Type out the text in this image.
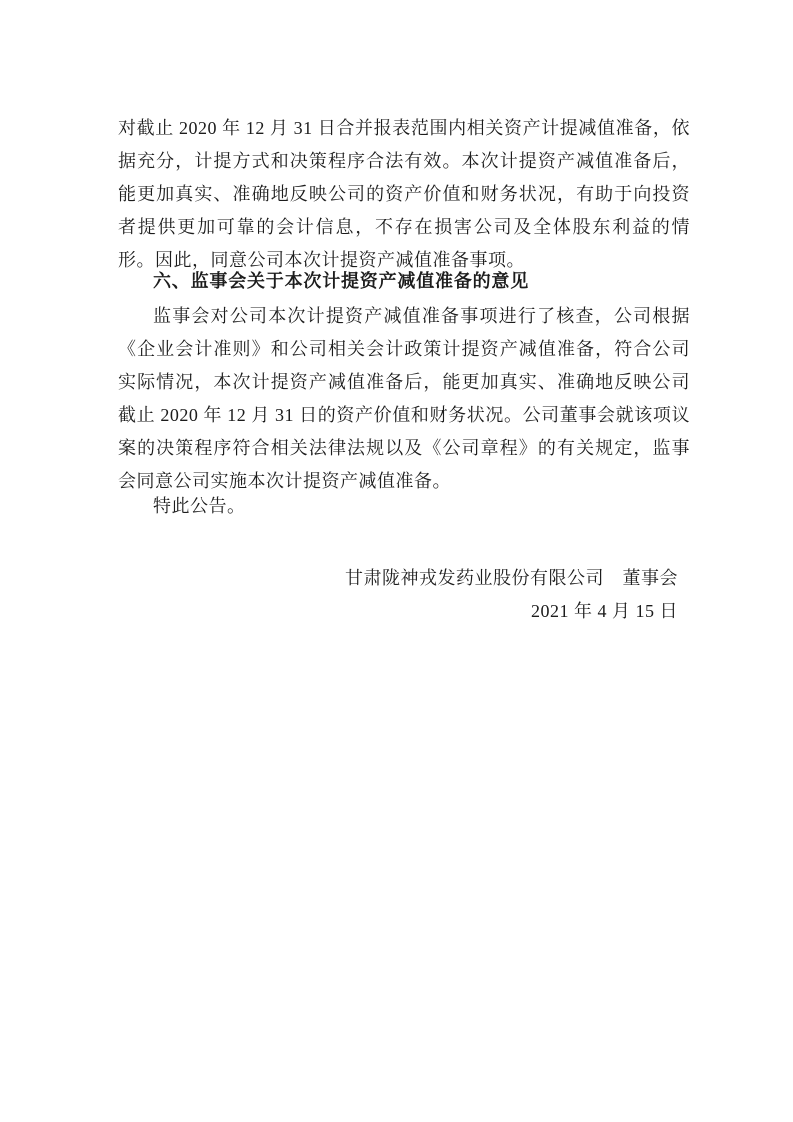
对截止 2020 年 12 月 31 日合并报表范围内相关资产计提减值准备，依据充分，计提方式和决策程序合法有效。本次计提资产减值准备后，能更加真实、准确地反映公司的资产价值和财务状况，有助于向投资者提供更加可靠的会计信息，不存在损害公司及全体股东利益的情形。因此，同意公司本次计提资产减值准备事项。

六、监事会关于本次计提资产减值准备的意见

监事会对公司本次计提资产减值准备事项进行了核查，公司根据《企业会计准则》和公司相关会计政策计提资产减值准备，符合公司实际情况，本次计提资产减值准备后，能更加真实、准确地反映公司截止 2020 年 12 月 31 日的资产价值和财务状况。公司董事会就该项议案的决策程序符合相关法律法规以及《公司章程》的有关规定，监事会同意公司实施本次计提资产减值准备。

特此公告。

甘肃陇神戎发药业股份有限公司　董事会
2021 年 4 月 15 日
